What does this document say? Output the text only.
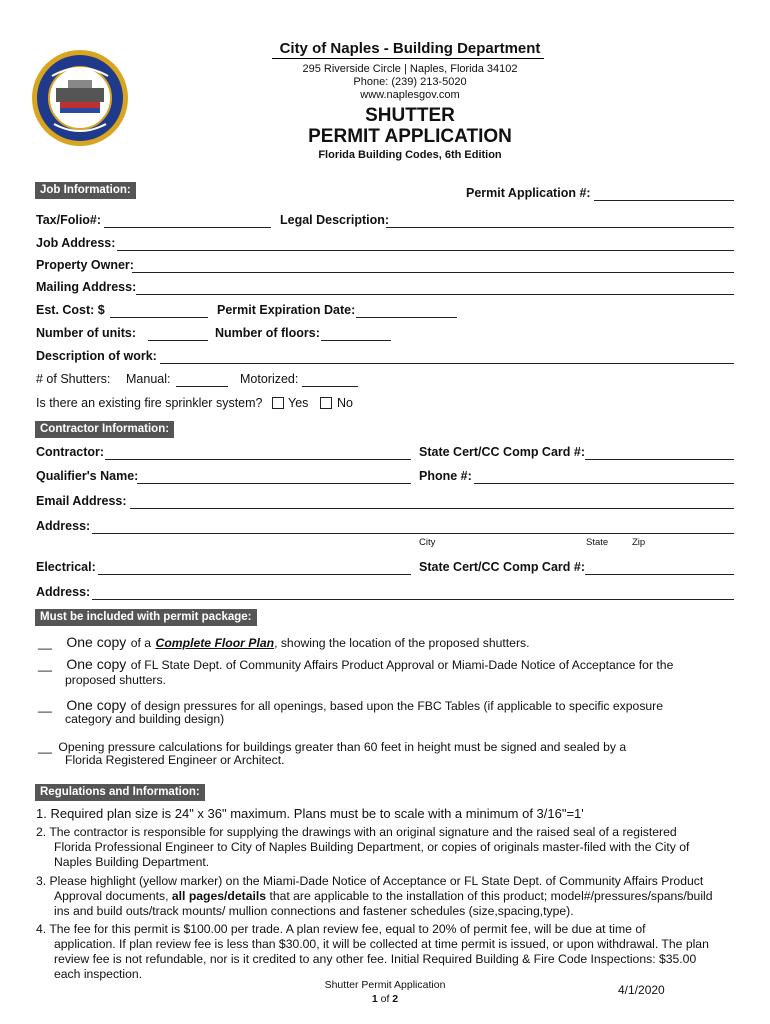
City of Naples - Building Department
295 Riverside Circle | Naples, Florida 34102
Phone: (239) 213-5020
www.naplesgov.com
SHUTTER
PERMIT APPLICATION
Florida Building Codes, 6th Edition
Job Information:	Permit Application #:
Tax/Folio#:	Legal Description:
Job Address:
Property Owner:
Mailing Address:
Est. Cost: $	Permit Expiration Date:
Number of units:	Number of floors:
Description of work:
# of Shutters: Manual:	Motorized:
Is there an existing fire sprinkler system? Yes No
Contractor Information:
Contractor:	State Cert/CC Comp Card #:
Qualifier's Name:	Phone #:
Email Address:
Address:
City	State	Zip
Electrical:	State Cert/CC Comp Card #:
Address:
Must be included with permit package:
__ One copy of a Complete Floor Plan, showing the location of the proposed shutters.
__ One copy of FL State Dept. of Community Affairs Product Approval or Miami-Dade Notice of Acceptance for the
proposed shutters.
__ One copy of design pressures for all openings, based upon the FBC Tables (if applicable to specific exposure
category and building design)
__ Opening pressure calculations for buildings greater than 60 feet in height must be signed and sealed by a
Florida Registered Engineer or Architect.
Regulations and Information:
1. Required plan size is 24" x 36" maximum. Plans must be to scale with a minimum of 3/16"=1'
2. The contractor is responsible for supplying the drawings with an original signature and the raised seal of a registered
Florida Professional Engineer to City of Naples Building Department, or copies of originals master-filed with the City of
Naples Building Department.
3. Please highlight (yellow marker) on the Miami-Dade Notice of Acceptance or FL State Dept. of Community Affairs Product
Approval documents, all pages/details that are applicable to the installation of this product; model#/pressures/spans/build
ins and build outs/track mounts/ mullion connections and fastener schedules (size,spacing,type).
4. The fee for this permit is $100.00 per trade. A plan review fee, equal to 20% of permit fee, will be due at time of
application. If plan review fee is less than $30.00, it will be collected at time permit is issued, or upon withdrawal. The plan
review fee is not refundable, nor is it credited to any other fee. Initial Required Building & Fire Code Inspections: $35.00
each inspection.
Shutter Permit Application
1 of 2
4/1/2020
